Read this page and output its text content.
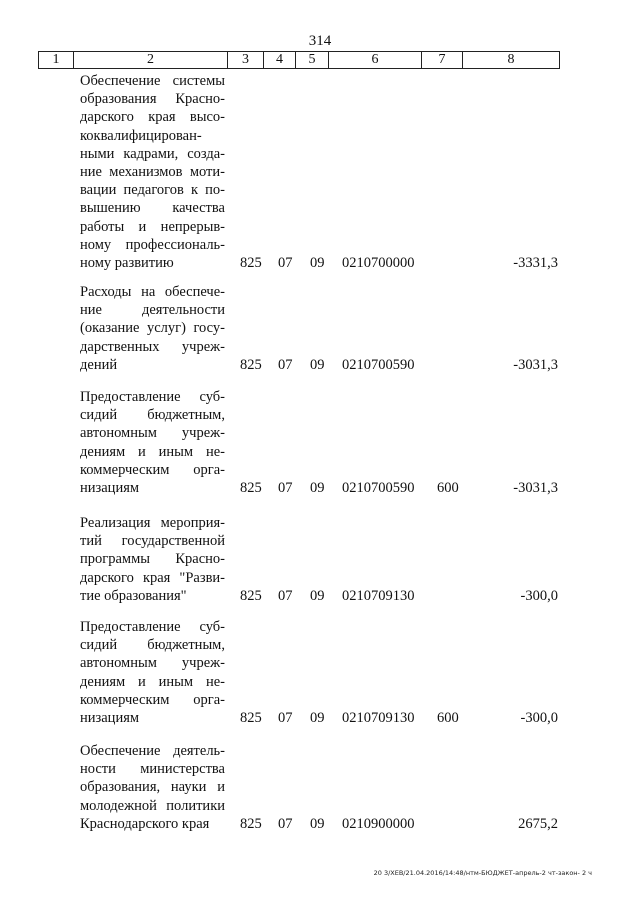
314
1	2	3	4	5	6	7	8
Обеспечение системы
образования Красно-
дарского края высо-
коквалифицирован-
ными кадрами, созда-
ние механизмов моти-
вации педагогов к по-
вышению качества
работы и непрерыв-
ному профессиональ-
ному развитию	825 07 09 0210700000	-3331,3
Расходы на обеспече-
ние деятельности
(оказание услуг) госу-
дарственных учреж-
дений	825 07 09 0210700590	-3031,3
Предоставление суб-
сидий бюджетным,
автономным учреж-
дениям и иным не-
коммерческим орга-
низациям	825 07 09 0210700590 600	-3031,3
Реализация мероприя-
тий государственной
программы Красно-
дарского края "Разви-
тие образования"	825 07 09 0210709130	-300,0
Предоставление суб-
сидий бюджетным,
автономным учреж-
дениям и иным не-
коммерческим орга-
низациям	825 07 09 0210709130 600	-300,0
Обеспечение деятель-
ности министерства
образования, науки и
молодежной политики
Краснодарского края	825 07 09 0210900000	2675,2
20 3/ХЕВ/21.04.2016/14:48/нтм-БЮДЖЕТ-апрель-2 чт-закон- 2 ч
